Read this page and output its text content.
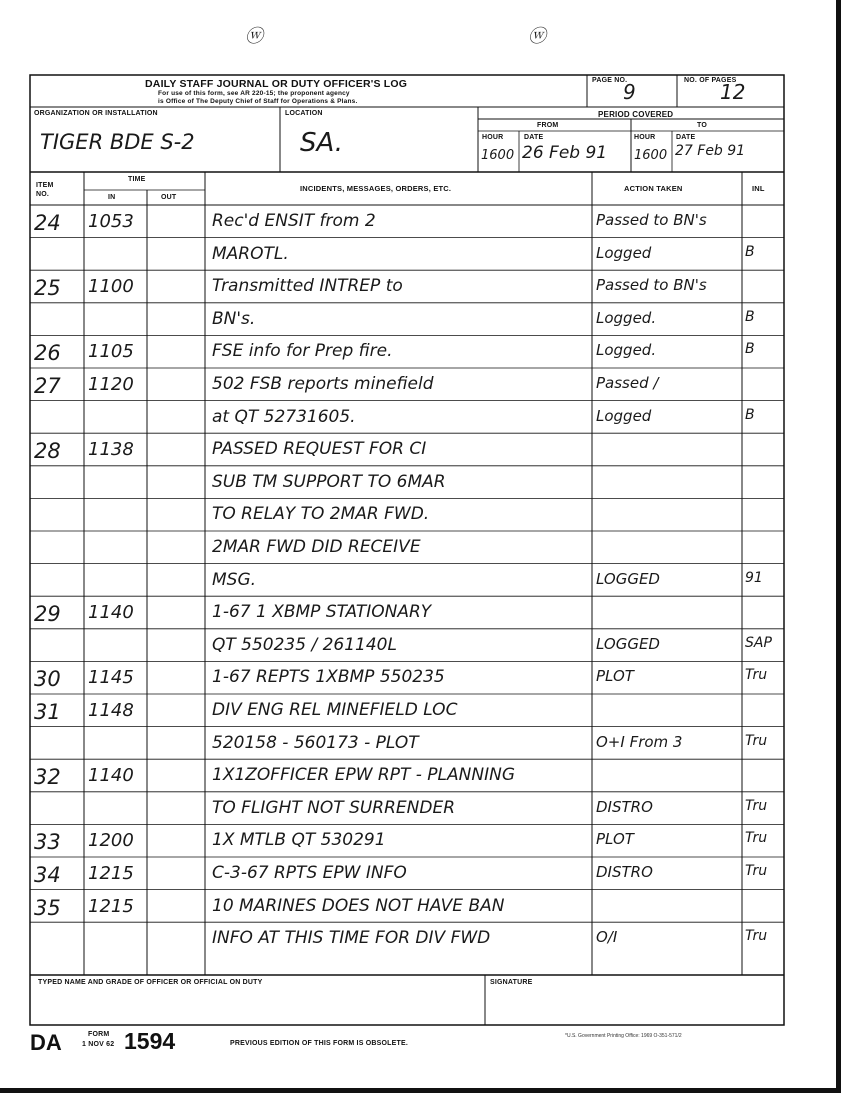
ⓦ	ⓦ
DAILY STAFF JOURNAL OR DUTY OFFICER'S LOG
For use of this form, see AR 220-15; the proponent agency
is Office of The Deputy Chief of Staff for Operations & Plans.
PAGE NO.
9	NO. OF PAGES
12
ORGANIZATION OR INSTALLATION
TIGER BDE S-2
LOCATION
SA.
PERIOD COVERED
FROM	TO
HOUR	DATE	HOUR	DATE
1600 26 Feb 91 1600 27 Feb 91
ITEM
NO.
TIME
IN	OUT
INCIDENTS, MESSAGES, ORDERS, ETC.	ACTION TAKEN	INL
24	1053	Rec'd ENSIT from 2	Passed to BN's
MAROTL.	Logged	B
25	1100	Transmitted INTREP to	Passed to BN's
BN's.	Logged.	B
26	1105	FSE info for Prep fire.	Logged.	B
27	1120	502 FSB reports minefield	Passed /
at QT 52731605.	Logged	B
28	1138	PASSED REQUEST FOR CI
SUB TM SUPPORT TO 6MAR
TO RELAY TO 2MAR FWD.
2MAR FWD DID RECEIVE
MSG.	LOGGED	91
29	1140	1-67 1 XBMP STATIONARY
QT 550235 / 261140L	LOGGED	SAP
30	1145	1-67 REPTS 1XBMP 550235	PLOT	Tru
31	1148	DIV ENG REL MINEFIELD LOC
520158 - 560173 - PLOT	O+I From 3	Tru
32	1140	1X1ZOFFICER EPW RPT - PLANNING
TO FLIGHT NOT SURRENDER	DISTRO	Tru
33	1200	1X MTLB QT 530291	PLOT	Tru
34	1215	C-3-67 RPTS EPW INFO	DISTRO	Tru
35	1215	10 MARINES DOES NOT HAVE BAN
INFO AT THIS TIME FOR DIV FWD	O/I	Tru
TYPED NAME AND GRADE OF OFFICER OR OFFICIAL ON DUTY	SIGNATURE
DA	FORM
1 NOV 62 1594	PREVIOUS EDITION OF THIS FORM IS OBSOLETE.
*U.S. Government Printing Office: 1969 O-351-571/2
